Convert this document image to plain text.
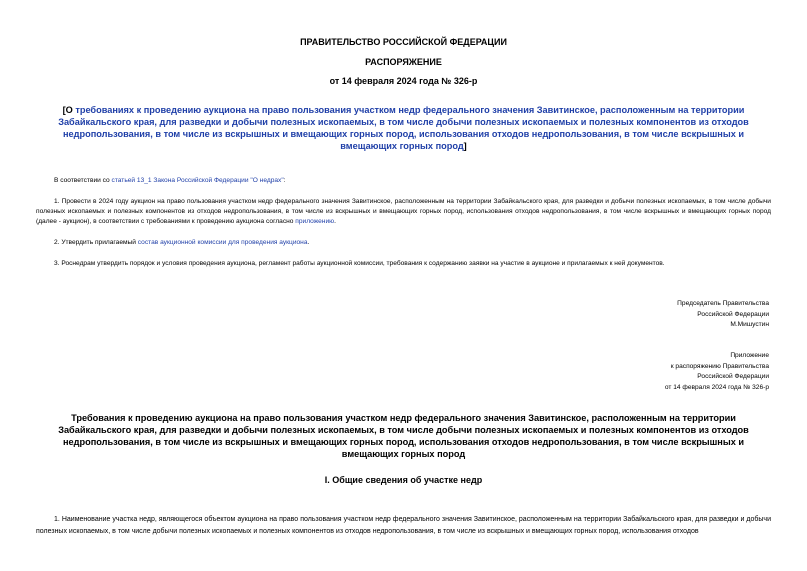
ПРАВИТЕЛЬСТВО РОССИЙСКОЙ ФЕДЕРАЦИИ
РАСПОРЯЖЕНИЕ
от 14 февраля 2024 года № 326-р
[О требованиях к проведению аукциона на право пользования участком недр федерального значения Завитинское, расположенным на территории Забайкальского края, для разведки и добычи полезных ископаемых, в том числе добычи полезных ископаемых и полезных компонентов из отходов недропользования, в том числе из вскрышных и вмещающих горных пород, использования отходов недропользования, в том числе вскрышных и вмещающих горных пород]
В соответствии со статьей 13_1 Закона Российской Федерации "О недрах":
1. Провести в 2024 году аукцион на право пользования участком недр федерального значения Завитинское, расположенным на территории Забайкальского края, для разведки и добычи полезных ископаемых, в том числе добычи полезных ископаемых и полезных компонентов из отходов недропользования, в том числе из вскрышных и вмещающих горных пород, использования отходов недропользования, в том числе вскрышных и вмещающих горных пород (далее - аукцион), в соответствии с требованиями к проведению аукциона согласно приложению.
2. Утвердить прилагаемый состав аукционной комиссии для проведения аукциона.
3. Роснедрам утвердить порядок и условия проведения аукциона, регламент работы аукционной комиссии, требования к содержанию заявки на участие в аукционе и прилагаемых к ней документов.
Председатель Правительства
Российской Федерации
М.Мишустин
Приложение
к распоряжению Правительства
Российской Федерации
от 14 февраля 2024 года № 326-р
Требования к проведению аукциона на право пользования участком недр федерального значения Завитинское, расположенным на территории Забайкальского края, для разведки и добычи полезных ископаемых, в том числе добычи полезных ископаемых и полезных компонентов из отходов недропользования, в том числе из вскрышных и вмещающих горных пород, использования отходов недропользования, в том числе вскрышных и вмещающих горных пород
I. Общие сведения об участке недр
1. Наименование участка недр, являющегося объектом аукциона на право пользования участком недр федерального значения Завитинское, расположенным на территории Забайкальского края, для разведки и добычи полезных ископаемых, в том числе добычи полезных ископаемых и полезных компонентов из отходов недропользования, в том числе из вскрышных и вмещающих горных пород, использования отходов
